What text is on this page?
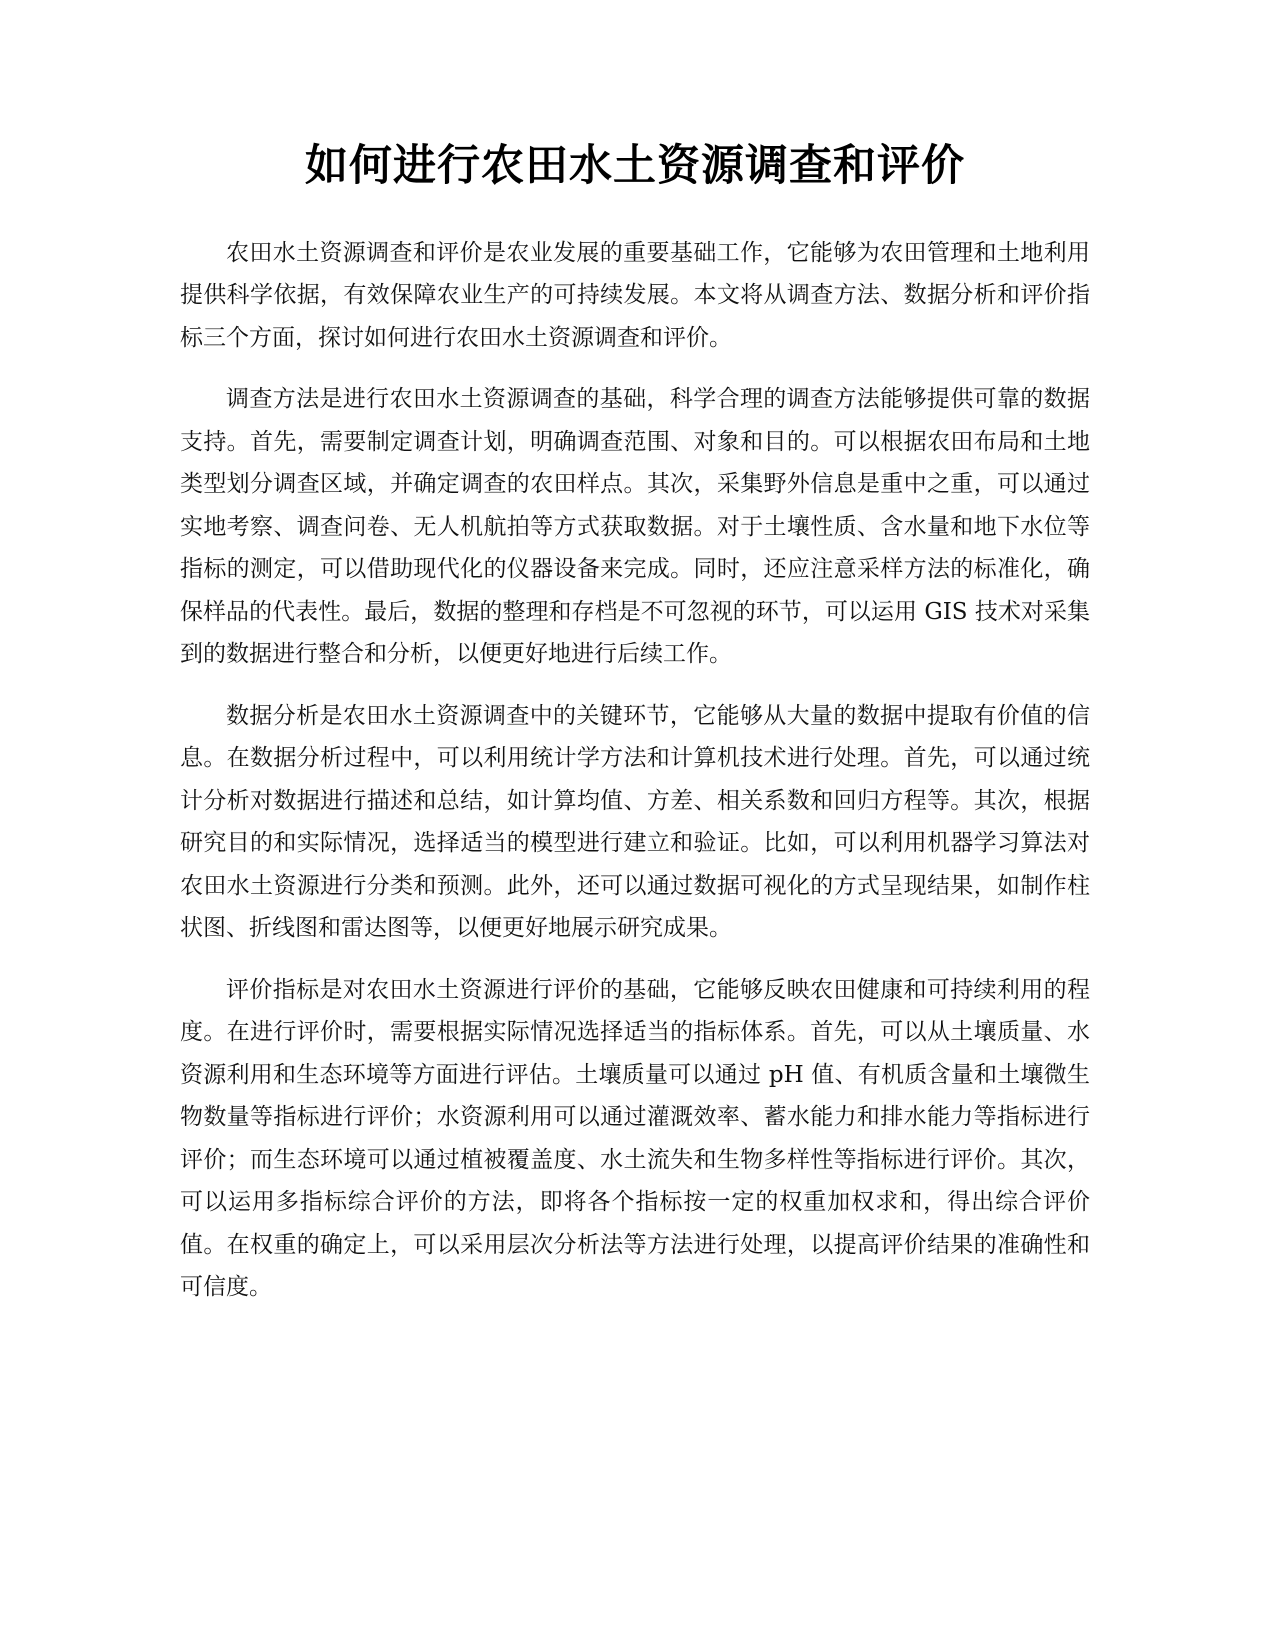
如何进行农田水土资源调查和评价

农田水土资源调查和评价是农业发展的重要基础工作，它能够为农田管理和土地利用提供科学依据，有效保障农业生产的可持续发展。本文将从调查方法、数据分析和评价指标三个方面，探讨如何进行农田水土资源调查和评价。

调查方法是进行农田水土资源调查的基础，科学合理的调查方法能够提供可靠的数据支持。首先，需要制定调查计划，明确调查范围、对象和目的。可以根据农田布局和土地类型划分调查区域，并确定调查的农田样点。其次，采集野外信息是重中之重，可以通过实地考察、调查问卷、无人机航拍等方式获取数据。对于土壤性质、含水量和地下水位等指标的测定，可以借助现代化的仪器设备来完成。同时，还应注意采样方法的标准化，确保样品的代表性。最后，数据的整理和存档是不可忽视的环节，可以运用 GIS 技术对采集到的数据进行整合和分析，以便更好地进行后续工作。

数据分析是农田水土资源调查中的关键环节，它能够从大量的数据中提取有价值的信息。在数据分析过程中，可以利用统计学方法和计算机技术进行处理。首先，可以通过统计分析对数据进行描述和总结，如计算均值、方差、相关系数和回归方程等。其次，根据研究目的和实际情况，选择适当的模型进行建立和验证。比如，可以利用机器学习算法对农田水土资源进行分类和预测。此外，还可以通过数据可视化的方式呈现结果，如制作柱状图、折线图和雷达图等，以便更好地展示研究成果。

评价指标是对农田水土资源进行评价的基础，它能够反映农田健康和可持续利用的程度。在进行评价时，需要根据实际情况选择适当的指标体系。首先，可以从土壤质量、水资源利用和生态环境等方面进行评估。土壤质量可以通过 pH 值、有机质含量和土壤微生物数量等指标进行评价；水资源利用可以通过灌溉效率、蓄水能力和排水能力等指标进行评价；而生态环境可以通过植被覆盖度、水土流失和生物多样性等指标进行评价。其次，可以运用多指标综合评价的方法，即将各个指标按一定的权重加权求和，得出综合评价值。在权重的确定上，可以采用层次分析法等方法进行处理，以提高评价结果的准确性和可信度。
